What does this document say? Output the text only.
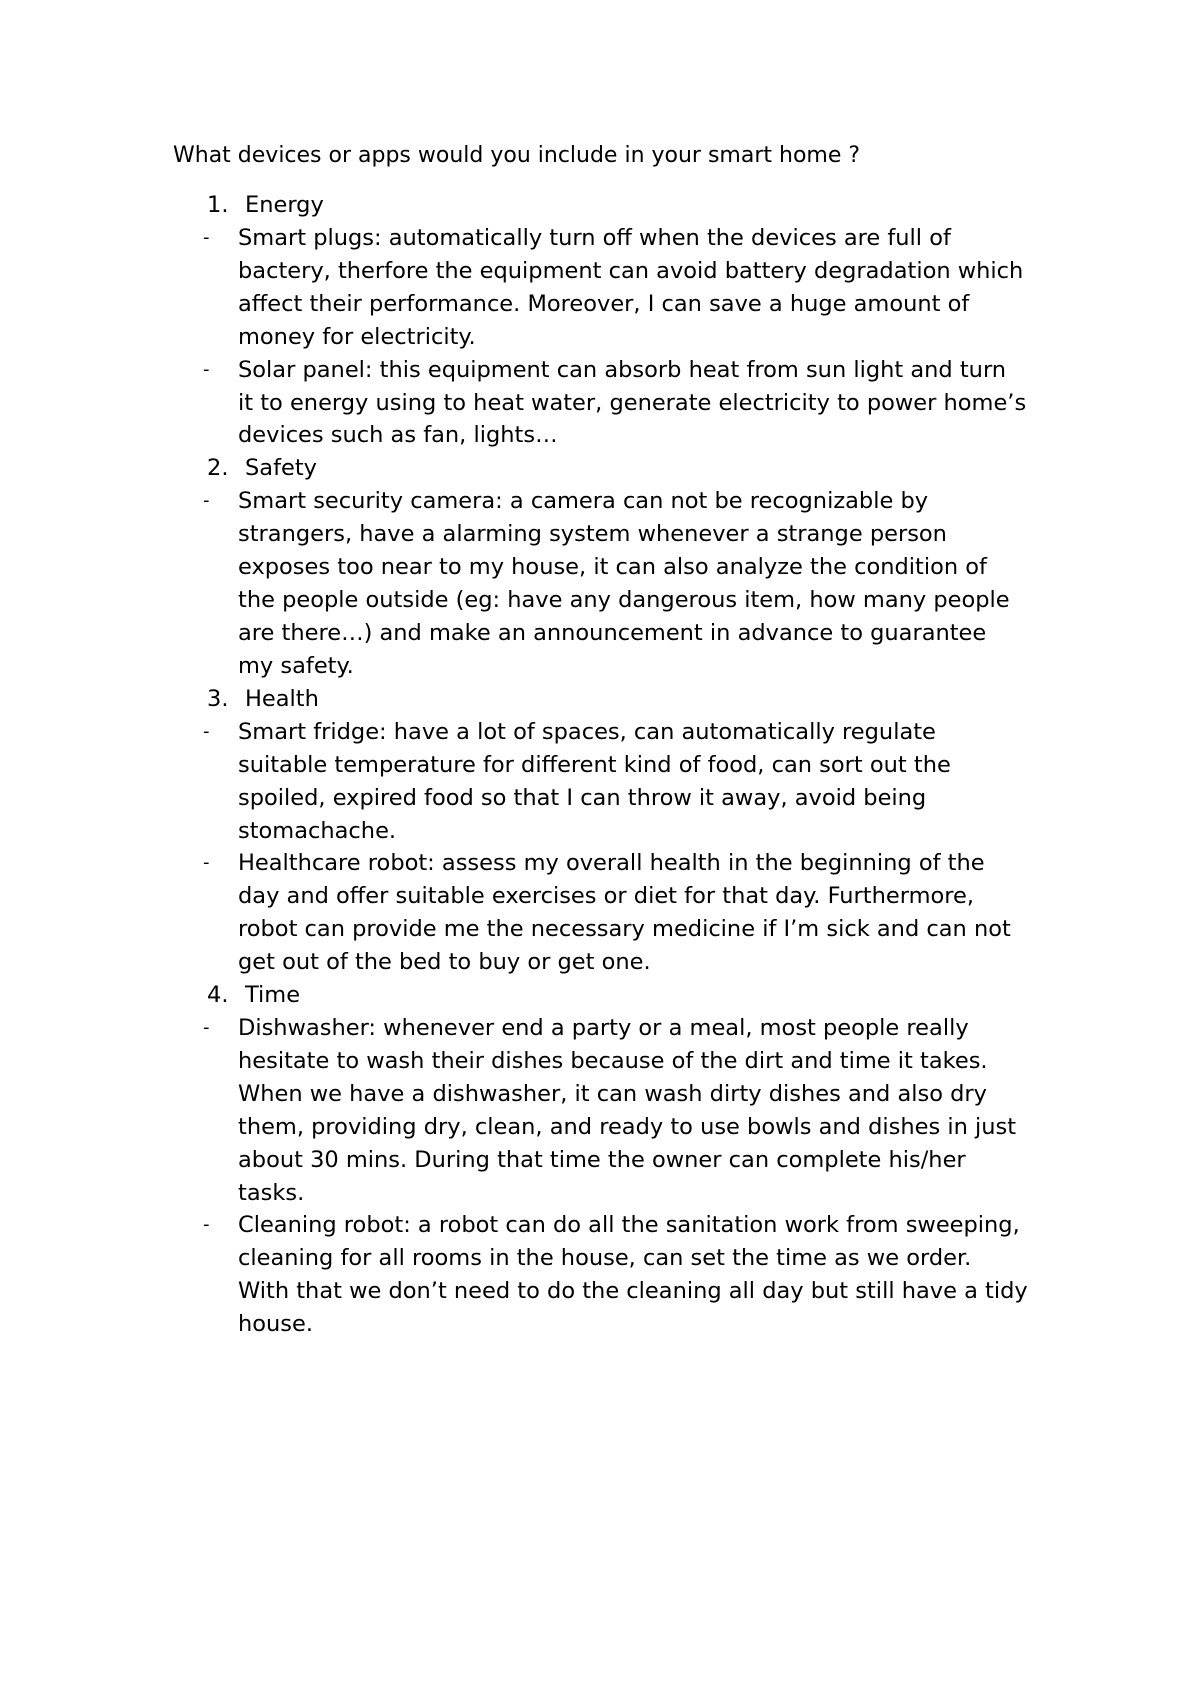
What devices or apps would you include in your smart home ?
1. Energy
- Smart plugs: automatically turn off when the devices are full of
bactery, therfore the equipment can avoid battery degradation which
affect their performance. Moreover, I can save a huge amount of
money for electricity.
- Solar panel: this equipment can absorb heat from sun light and turn
it to energy using to heat water, generate electricity to power home’s
devices such as fan, lights…
2. Safety
- Smart security camera: a camera can not be recognizable by
strangers, have a alarming system whenever a strange person
exposes too near to my house, it can also analyze the condition of
the people outside (eg: have any dangerous item, how many people
are there…) and make an announcement in advance to guarantee
my safety.
3. Health
- Smart fridge: have a lot of spaces, can automatically regulate
suitable temperature for different kind of food, can sort out the
spoiled, expired food so that I can throw it away, avoid being
stomachache.
- Healthcare robot: assess my overall health in the beginning of the
day and offer suitable exercises or diet for that day. Furthermore,
robot can provide me the necessary medicine if I’m sick and can not
get out of the bed to buy or get one.
4. Time
- Dishwasher: whenever end a party or a meal, most people really
hesitate to wash their dishes because of the dirt and time it takes.
When we have a dishwasher, it can wash dirty dishes and also dry
them, providing dry, clean, and ready to use bowls and dishes in just
about 30 mins. During that time the owner can complete his/her
tasks.
- Cleaning robot: a robot can do all the sanitation work from sweeping,
cleaning for all rooms in the house, can set the time as we order.
With that we don’t need to do the cleaning all day but still have a tidy
house.
